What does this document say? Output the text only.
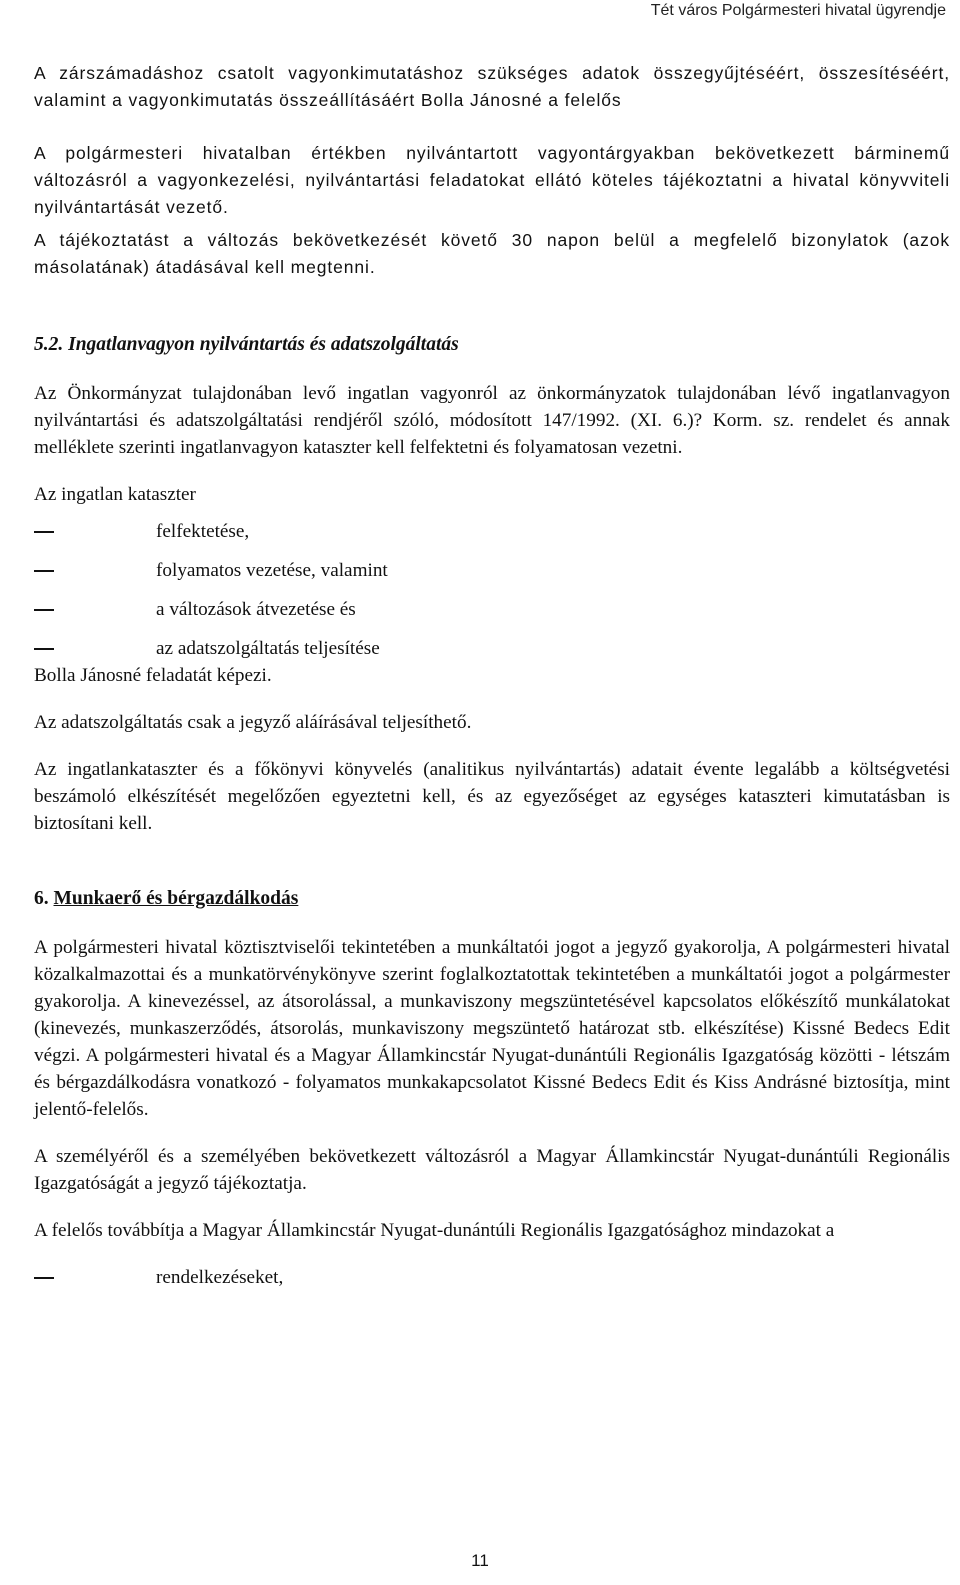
Tét város Polgármesteri hivatal ügyrendje

A zárszámadáshoz csatolt vagyonkimutatáshoz szükséges adatok összegyűjtéséért, összesítéséért, valamint a vagyonkimutatás összeállításáért Bolla Jánosné a felelős

A polgármesteri hivatalban értékben nyilvántartott vagyontárgyakban bekövetkezett bárminemű változásról a vagyonkezelési, nyilvántartási feladatokat ellátó köteles tájékoztatni a hivatal könyvviteli nyilvántartását vezető.

A tájékoztatást a változás bekövetkezését követő 30 napon belül a megfelelő bizonylatok (azok másolatának) átadásával kell megtenni.

5.2. Ingatlanvagyon nyilvántartás és adatszolgáltatás

Az Önkormányzat tulajdonában levő ingatlan vagyonról az önkormányzatok tulajdonában lévő ingatlanvagyon nyilvántartási és adatszolgáltatási rendjéről szóló, módosított 147/1992. (XI. 6.)? Korm. sz. rendelet és annak melléklete szerinti ingatlanvagyon kataszter kell felfektetni és folyamatosan vezetni.

Az ingatlan kataszter

felfektetése,
folyamatos vezetése, valamint
a változások átvezetése és
az adatszolgáltatás teljesítése

Bolla Jánosné feladatát képezi.

Az adatszolgáltatás csak a jegyző aláírásával teljesíthető.

Az ingatlankataszter és a főkönyvi könyvelés (analitikus nyilvántartás) adatait évente legalább a költségvetési beszámoló elkészítését megelőzően egyeztetni kell, és az egyezőséget az egységes kataszteri kimutatásban is biztosítani kell.

6. Munkaerő és bérgazdálkodás

A polgármesteri hivatal köztisztviselői tekintetében a munkáltatói jogot a jegyző gyakorolja, A polgármesteri hivatal közalkalmazottai és a munkatörvénykönyve szerint foglalkoztatottak tekintetében a munkáltatói jogot a polgármester gyakorolja. A kinevezéssel, az átsorolással, a munkaviszony megszüntetésével kapcsolatos előkészítő munkálatokat (kinevezés, munkaszerződés, átsorolás, munkaviszony megszüntető határozat stb. elkészítése) Kissné Bedecs Edit végzi. A polgármesteri hivatal és a Magyar Államkincstár Nyugat-dunántúli Regionális Igazgatóság közötti - létszám és bérgazdálkodásra vonatkozó - folyamatos munkakapcsolatot Kissné Bedecs Edit és Kiss Andrásné biztosítja, mint jelentő-felelős.

A személyéről és a személyében bekövetkezett változásról a Magyar Államkincstár Nyugat-dunántúli Regionális Igazgatóságát a jegyző tájékoztatja.

A felelős továbbítja a Magyar Államkincstár Nyugat-dunántúli Regionális Igazgatósághoz mindazokat a

rendelkezéseket,
11
